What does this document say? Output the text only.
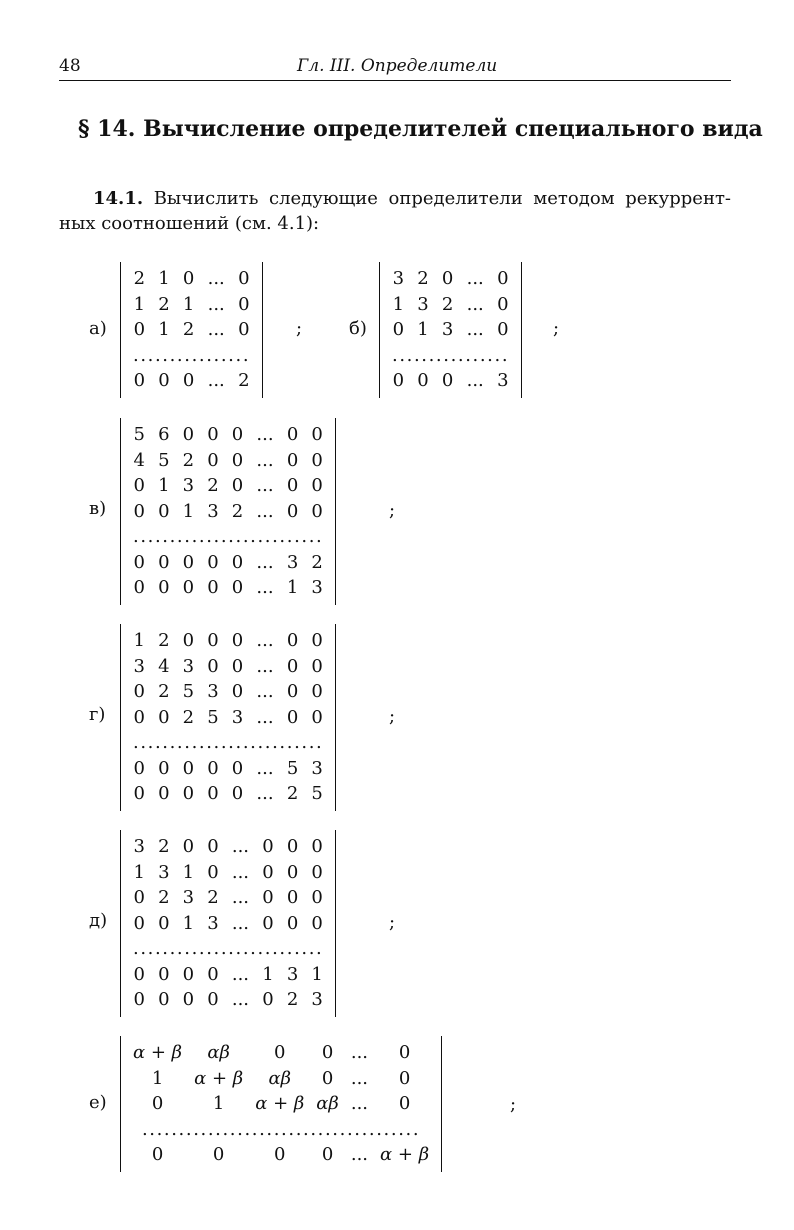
48	Гл. III. Определители
§ 14. Вычисление определителей специального вида
14.1. Вычислить следующие определители методом рекуррент-
ных соотношений (см. 4.1):
а)
2	1	0	...	0
1	2	1	...	0
0	1	2	...	0
................				
0	0	0	...	2
;	б)
3	2	0	...	0
1	3	2	...	0
0	1	3	...	0
................				
0	0	0	...	3
;
в)
5	6	0	0	0	...	0	0
4	5	2	0	0	...	0	0
0	1	3	2	0	...	0	0
0	0	1	3	2	...	0	0
..........................							
0	0	0	0	0	...	3	2
0	0	0	0	0	...	1	3
;
г)
1	2	0	0	0	...	0	0
3	4	3	0	0	...	0	0
0	2	5	3	0	...	0	0
0	0	2	5	3	...	0	0
..........................							
0	0	0	0	0	...	5	3
0	0	0	0	0	...	2	5
;
д)
3	2	0	0	...	0	0	0
1	3	1	0	...	0	0	0
0	2	3	2	...	0	0	0
0	0	1	3	...	0	0	0
..........................							
0	0	0	0	...	1	3	1
0	0	0	0	...	0	2	3
;
е)
α + β	αβ	0	0	...	0
1	α + β	αβ	0	...	0
0	1	α + β	αβ	...	0
......................................					
0	0	0	0	...	α + β
;
